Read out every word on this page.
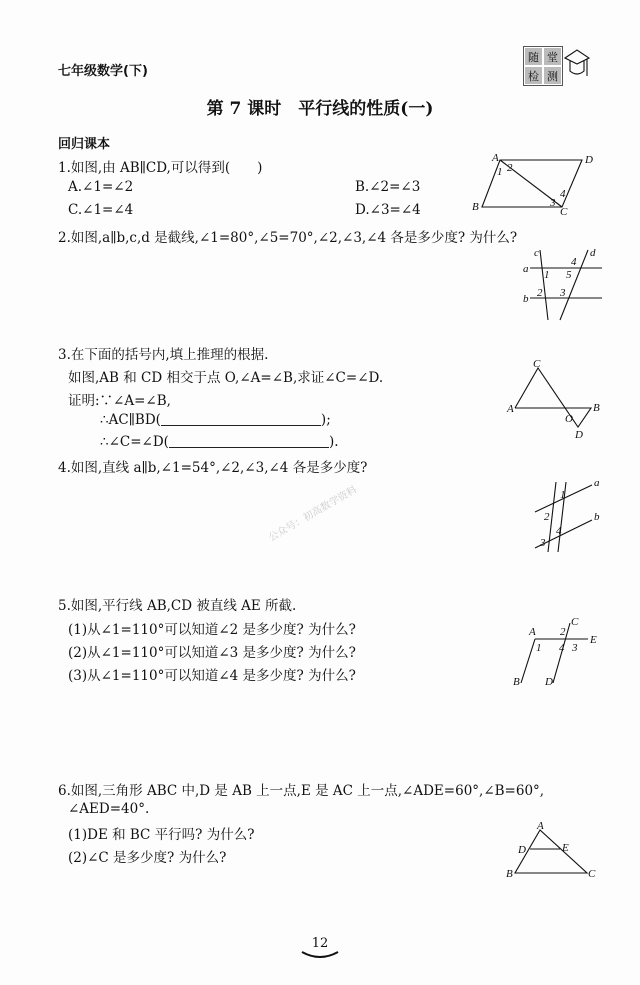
七年级数学(下)
随 堂
检 测
第 7 课时　平行线的性质(一)
回归课本
1.如图,由 AB∥CD,可以得到(　　)
A.∠1=∠2	B.∠2=∠3
C.∠1=∠4	D.∠3=∠4
A	D
B	C
1 2
3
4
2.如图,a∥b,c,d 是截线,∠1=80°,∠5=70°,∠2,∠3,∠4 各是多少度? 为什么?
a
b
c	d
1
2 3
4
5
3.在下面的括号内,填上推理的根据.
如图,AB 和 CD 相交于点 O,∠A=∠B,求证∠C=∠D.
证明:∵∠A=∠B,
∴AC∥BD(	);
∴∠C=∠D(	).
C
A
O
B
D
4.如图,直线 a∥b,∠1=54°,∠2,∠3,∠4 各是多少度?
a
b
1
2
3
4
公众号：初高数学资料
5.如图,平行线 AB,CD 被直线 AE 所截.
(1)从∠1=110°可以知道∠2 是多少度? 为什么?
(2)从∠1=110°可以知道∠3 是多少度? 为什么?
(3)从∠1=110°可以知道∠4 是多少度? 为什么?
A
C
E
B D
1
2
3
4
6.如图,三角形 ABC 中,D 是 AB 上一点,E 是 AC 上一点,∠ADE=60°,∠B=60°,
∠AED=40°.
(1)DE 和 BC 平行吗? 为什么?
(2)∠C 是多少度? 为什么?
A
D	E
B	C
12
